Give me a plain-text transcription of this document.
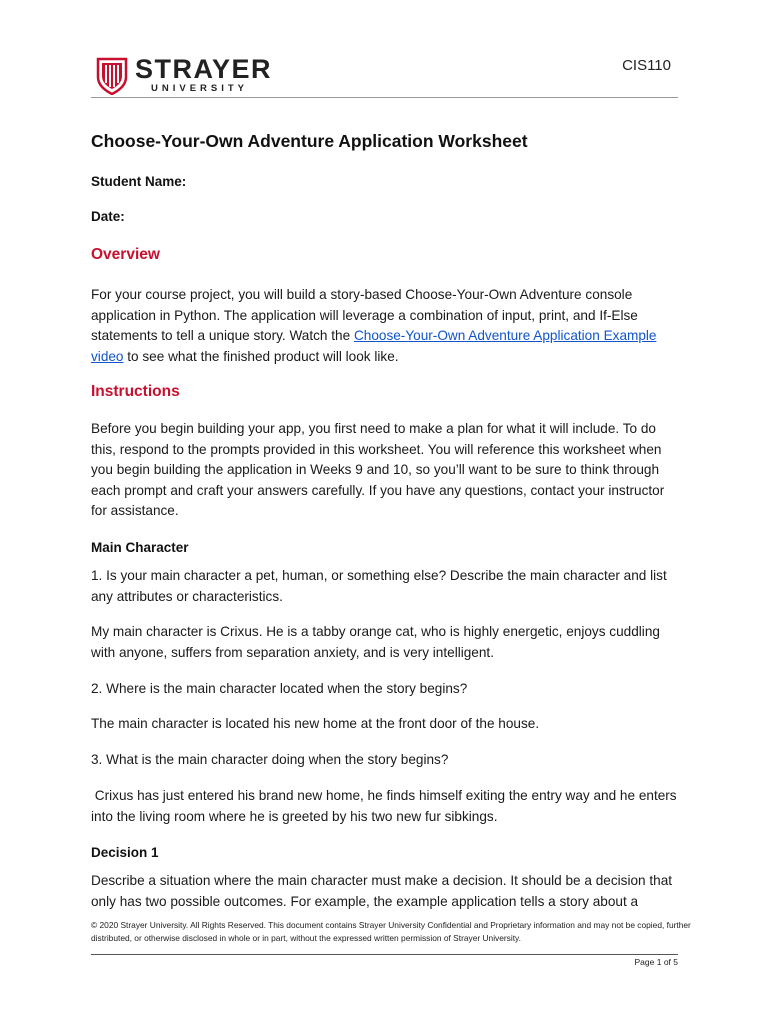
STRAYER
UNIVERSITY
CIS110
Choose-Your-Own Adventure Application Worksheet
Student Name:
Date:
Overview
For your course project, you will build a story-based Choose-Your-Own Adventure console application in Python. The application will leverage a combination of input, print, and If-Else statements to tell a unique story. Watch the Choose-Your-Own Adventure Application Example video to see what the finished product will look like.
Instructions
Before you begin building your app, you first need to make a plan for what it will include. To do this, respond to the prompts provided in this worksheet. You will reference this worksheet when you begin building the application in Weeks 9 and 10, so you’ll want to be sure to think through each prompt and craft your answers carefully. If you have any questions, contact your instructor for assistance.
Main Character
1. Is your main character a pet, human, or something else? Describe the main character and list any attributes or characteristics.
My main character is Crixus. He is a tabby orange cat, who is highly energetic, enjoys cuddling with anyone, suffers from separation anxiety, and is very intelligent.
2. Where is the main character located when the story begins?
The main character is located his new home at the front door of the house.
3. What is the main character doing when the story begins?
Crixus has just entered his brand new home, he finds himself exiting the entry way and he enters into the living room where he is greeted by his two new fur sibkings.
Decision 1
Describe a situation where the main character must make a decision. It should be a decision that only has two possible outcomes. For example, the example application tells a story about a
© 2020 Strayer University. All Rights Reserved. This document contains Strayer University Confidential and Proprietary information and may not be copied, further distributed, or otherwise disclosed in whole or in part, without the expressed written permission of Strayer University.
Page 1 of 5
